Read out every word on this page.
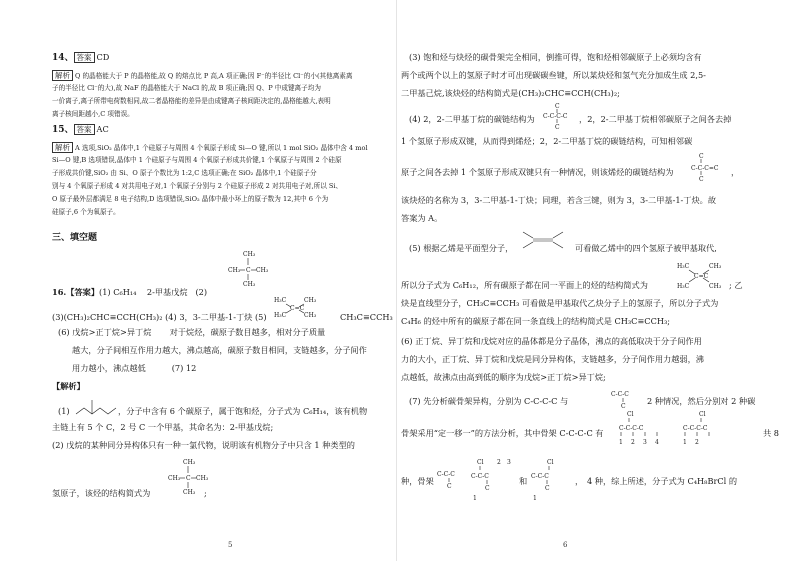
14、 答案 CD
解析 Q 的晶格能大于 P 的晶格能,故 Q 的熔点比 P 高,A 项正确;因 F⁻的半径比 Cl⁻的小(其他离素离
子的半径比 Cl⁻的大),故 NaF 的晶格能大于 NaCl 的,故 B 项正确;因 Q、P 中成键离子均为
一价离子,离子所带电荷数相同,故二者晶格能的差异是由成键离子核间距决定的,晶格能越大,表明
离子核间距越小,C 项错误。
15、 答案 AC
解析 A 选项,SiO₂ 晶体中,1 个硅原子与周围 4 个氧原子形成 Si—O 键,所以 1 mol SiO₂ 晶体中含 4 mol
Si—O 键,B 选项错误,晶体中 1 个硅原子与周围 4 个氧原子形成共价键,1 个氧原子与周围 2 个硅原
子形成共价键,SiO₂ 由 Si、O 原子个数比为 1:2,C 选项正确;在 SiO₂ 晶体中,1 个硅原子分
别与 4 个氧原子形成 4 对共用电子对,1 个氧原子分别与 2 个硅原子形成 2 对共用电子对,所以 Si、
O 原子最外层都满足 8 电子结构,D 选项错误,SiO₂ 晶体中最小环上的原子数为 12,其中 6 个为
硅原子,6 个为氧原子。
三、填空题
CH₃
CH₃ C CH₃
CH₃
16.【答案】(1) C₆H₁₄ 2-甲基戊烷 (2)
H₃C	CH₃
C=C
H₃C	CH₃
(3)(CH₃)₂CHC≡CCH(CH₃)₂ (4) 3，3-二甲基-1-丁炔 (5)	CH₃C≡CCH₃
(6) 戊烷>正丁烷>异丁烷 对于烷烃，碳原子数目越多，相对分子质量
越大，分子间相互作用力越大，沸点越高，碳原子数目相同，支链越多，分子间作
用力越小，沸点越低	(7) 12
【解析】
(1)	，分子中含有 6 个碳原子，属于饱和烃，分子式为 C₆H₁₄，该有机物
主链上有 5 个 C，2 号 C 一个甲基，其命名为：2-甲基戊烷;
(2) 戊烷的某种同分异构体只有一种一氯代物，说明该有机物分子中只含 1 种类型的
CH₃
CH₃ C CH₃
CH₃
氢原子，该烃的结构简式为	;
5
(3) 饱和烃与炔烃的碳骨架完全相同，倒推可得，饱和烃相邻碳原子上必须均含有
两个或两个以上的氢原子时才可出现碳碳叁键，所以某炔烃和氢气充分加成生成 2,5-
二甲基己烷,该炔烃的结构简式是(CH₃)₂CHC≡CCH(CH₃)₂;
(4) 2，2-二甲基丁烷的碳链结构为
C
C-C-C-C
C
，2，2-二甲基丁烷相邻碳原子之间各去掉
1 个氢原子形成双键，从而得到烯烃；2，2-二甲基丁烷的碳链结构，可知相邻碳
原子之间各去掉 1 个氢原子形成双键只有一种情况，则该烯烃的碳链结构为
C
C-C-C=C
C
，
该炔烃的名称为 3，3-二甲基-1-丁炔；同理，若含三键，则为 3，3-二甲基-1-丁炔。故
答案为 A。
(5) 根据乙烯是平面型分子，	可看做乙烯中的四个氢原子被甲基取代,
H₃C	CH₃
C=C
H₃C	CH₃
所以分子式为 C₆H₁₂，所有碳原子都在同一平面上的烃的结构简式为	; 乙
炔是直线型分子，CH₃C≡CCH₃ 可看做是甲基取代乙炔分子上的氢原子，所以分子式为
C₄H₆ 的烃中所有的碳原子都在同一条直线上的结构简式是 CH₃C≡CCH₃;
(6) 正丁烷、异丁烷和戊烷对应的晶体都是分子晶体，沸点的高低取决于分子间作用
力的大小，正丁烷、异丁烷和戊烷是同分异构体，支链越多，分子间作用力越弱，沸
点越低，故沸点由高到低的顺序为戊烷>正丁烷>异丁烷;
(7) 先分析碳骨架异构，分别为 C-C-C-C 与
C-C-C
C
2 种情况，然后分别对 2 种碳
Cl
C-C-C-C
Cl
C-C-C-C
1 2 3 4	1 2
骨架采用“定一移一”的方法分析，其中骨架 C-C-C-C 有	共 8
种，骨架
C-C-C
C
Cl 2 3
C-C-C
C
1
和
Cl
C-C-C
C
1
， 4 种，综上所述，分子式为 C₄H₈BrCl 的
6
